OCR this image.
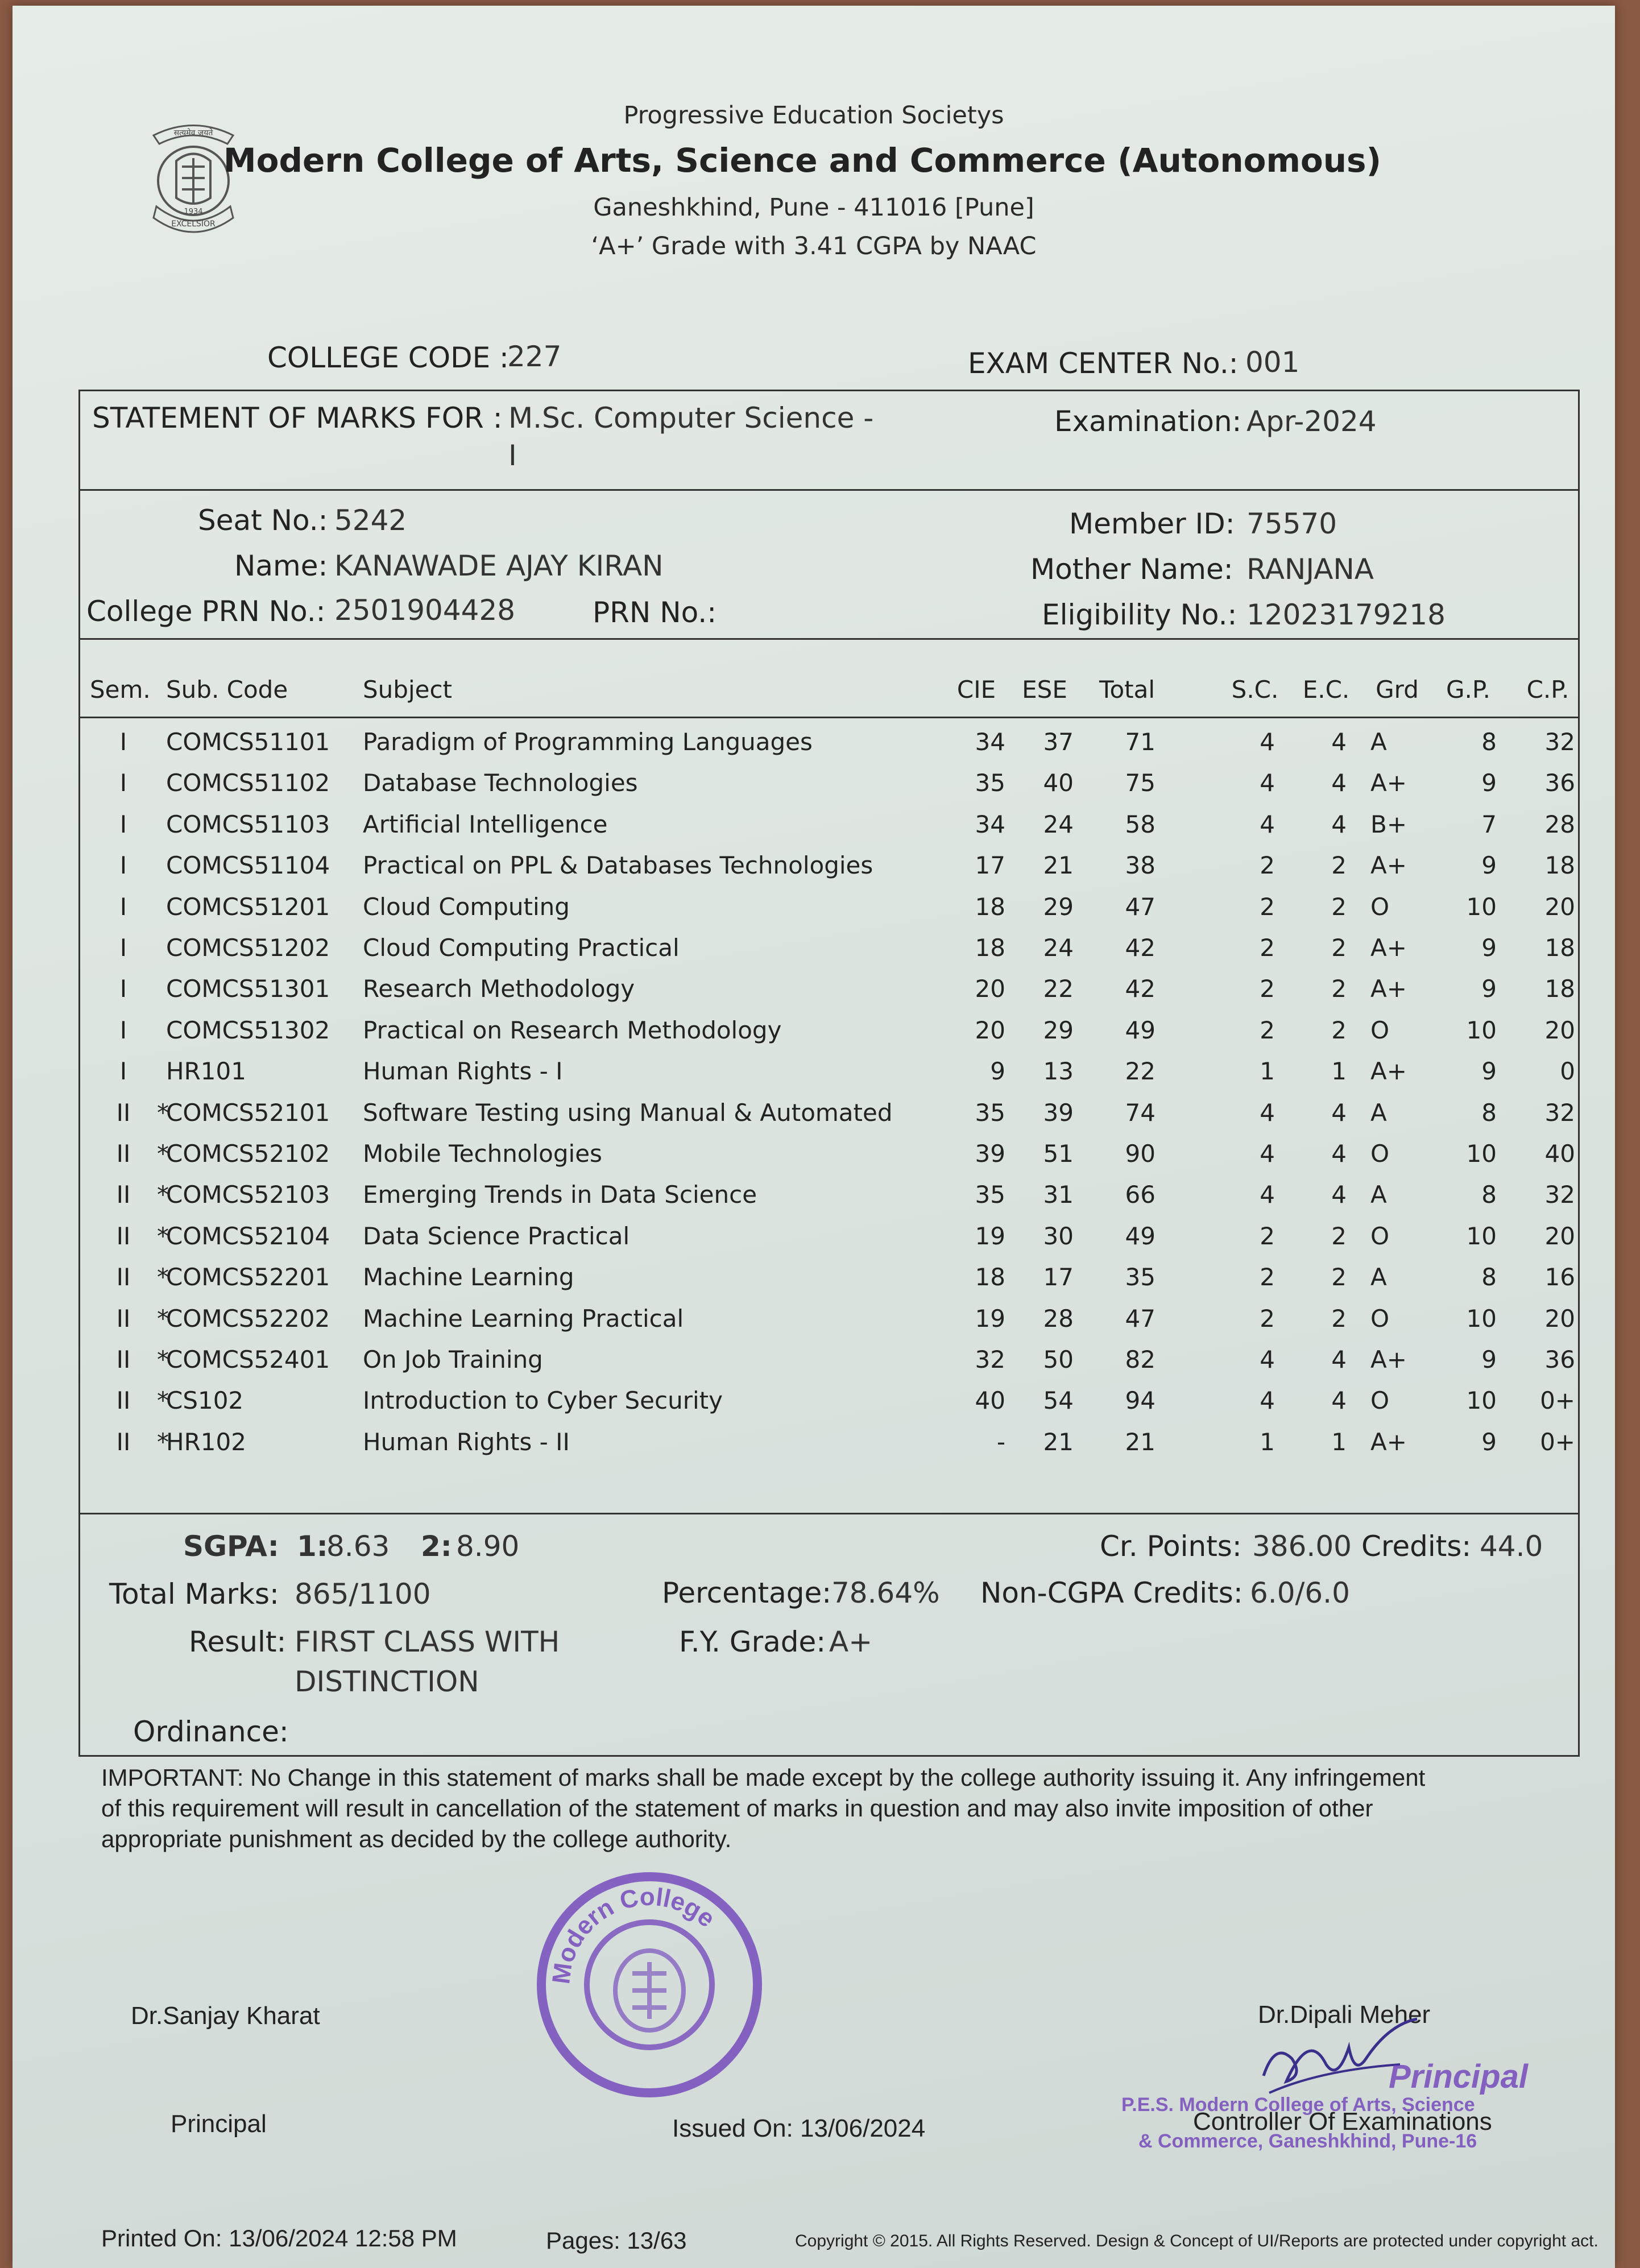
सत्यमेव जयते
1934
EXCELSIOR
Progressive Education Societys
Modern College of Arts, Science and Commerce (Autonomous)
Ganeshkhind, Pune - 411016 [Pune]
‘A+’ Grade with 3.41 CGPA by NAAC
COLLEGE CODE :
227	EXAM CENTER No.: 001
STATEMENT OF MARKS FOR : M.Sc. Computer Science -
I
Examination: Apr-2024
Seat No.: 5242
Name: KANAWADE AJAY KIRAN
College PRN No.: 2501904428	PRN No.:
Member ID: 75570
Mother Name: RANJANA
Eligibility No.: 12023179218
Sem. Sub. Code	Subject	CIE	ESE	Total	S.C.	E.C.	Grd	G.P.	C.P.
I	COMCS51101	Paradigm of Programming Languages	34	37	71	4	4 A	8	32
I	COMCS51102	Database Technologies	35	40	75	4	4 A+	9	36
I	COMCS51103	Artificial Intelligence	34	24	58	4	4 B+	7	28
I	COMCS51104	Practical on PPL & Databases Technologies	17	21	38	2	2 A+	9	18
I	COMCS51201	Cloud Computing	18	29	47	2	2 O	10	20
I	COMCS51202	Cloud Computing Practical	18	24	42	2	2 A+	9	18
I	COMCS51301	Research Methodology	20	22	42	2	2 A+	9	18
I	COMCS51302	Practical on Research Methodology	20	29	49	2	2 O	10	20
I	HR101	Human Rights - I	9	13	22	1	1 A+	9	0
II	COMCS52101	Software Testing using Manual & Automated	35	39	74	4	4 A	8	32
*
II	COMCS52102	Mobile Technologies	39	51	90	4	4 O	10	40
*
II	COMCS52103	Emerging Trends in Data Science	35	31	66	4	4 A	8	32
*
II	COMCS52104	Data Science Practical	19	30	49	2	2 O	10	20
*
II	COMCS52201	Machine Learning	18	17	35	2	2 A	8	16
*
II	COMCS52202	Machine Learning Practical	19	28	47	2	2 O	10	20
*
II	COMCS52401	On Job Training	32	50	82	4	4 A+	9	36
*
II	CS102	Introduction to Cyber Security	40	54	94	4	4 O	10	0+
*
II	HR102	Human Rights - II	-	21	21	1	1 A+	9	0+
*
SGPA: 1:
8.63 2: 8.90	Cr. Points: 386.00 Credits: 44.0
Total Marks: 865/1100	Percentage: 78.64% Non-CGPA Credits: 6.0/6.0
Result: FIRST CLASS WITH
DISTINCTION
F.Y. Grade: A+
Ordinance:
IMPORTANT: No Change in this statement of marks shall be made except by the college authority issuing it. Any infringement
of this requirement will result in cancellation of the statement of marks in question and may also invite imposition of other
appropriate punishment as decided by the college authority.
Modern College
Dr.Sanjay Kharat
Principal	Issued On: 13/06/2024
Dr.Dipali Meher
Principal
P.E.S. Modern College of Arts, Science
& Commerce, Ganeshkhind, Pune-16
Controller Of Examinations
Printed On: 13/06/2024 12:58 PM	Pages: 13/63	Copyright © 2015. All Rights Reserved. Design & Concept of UI/Reports are protected under copyright act.
